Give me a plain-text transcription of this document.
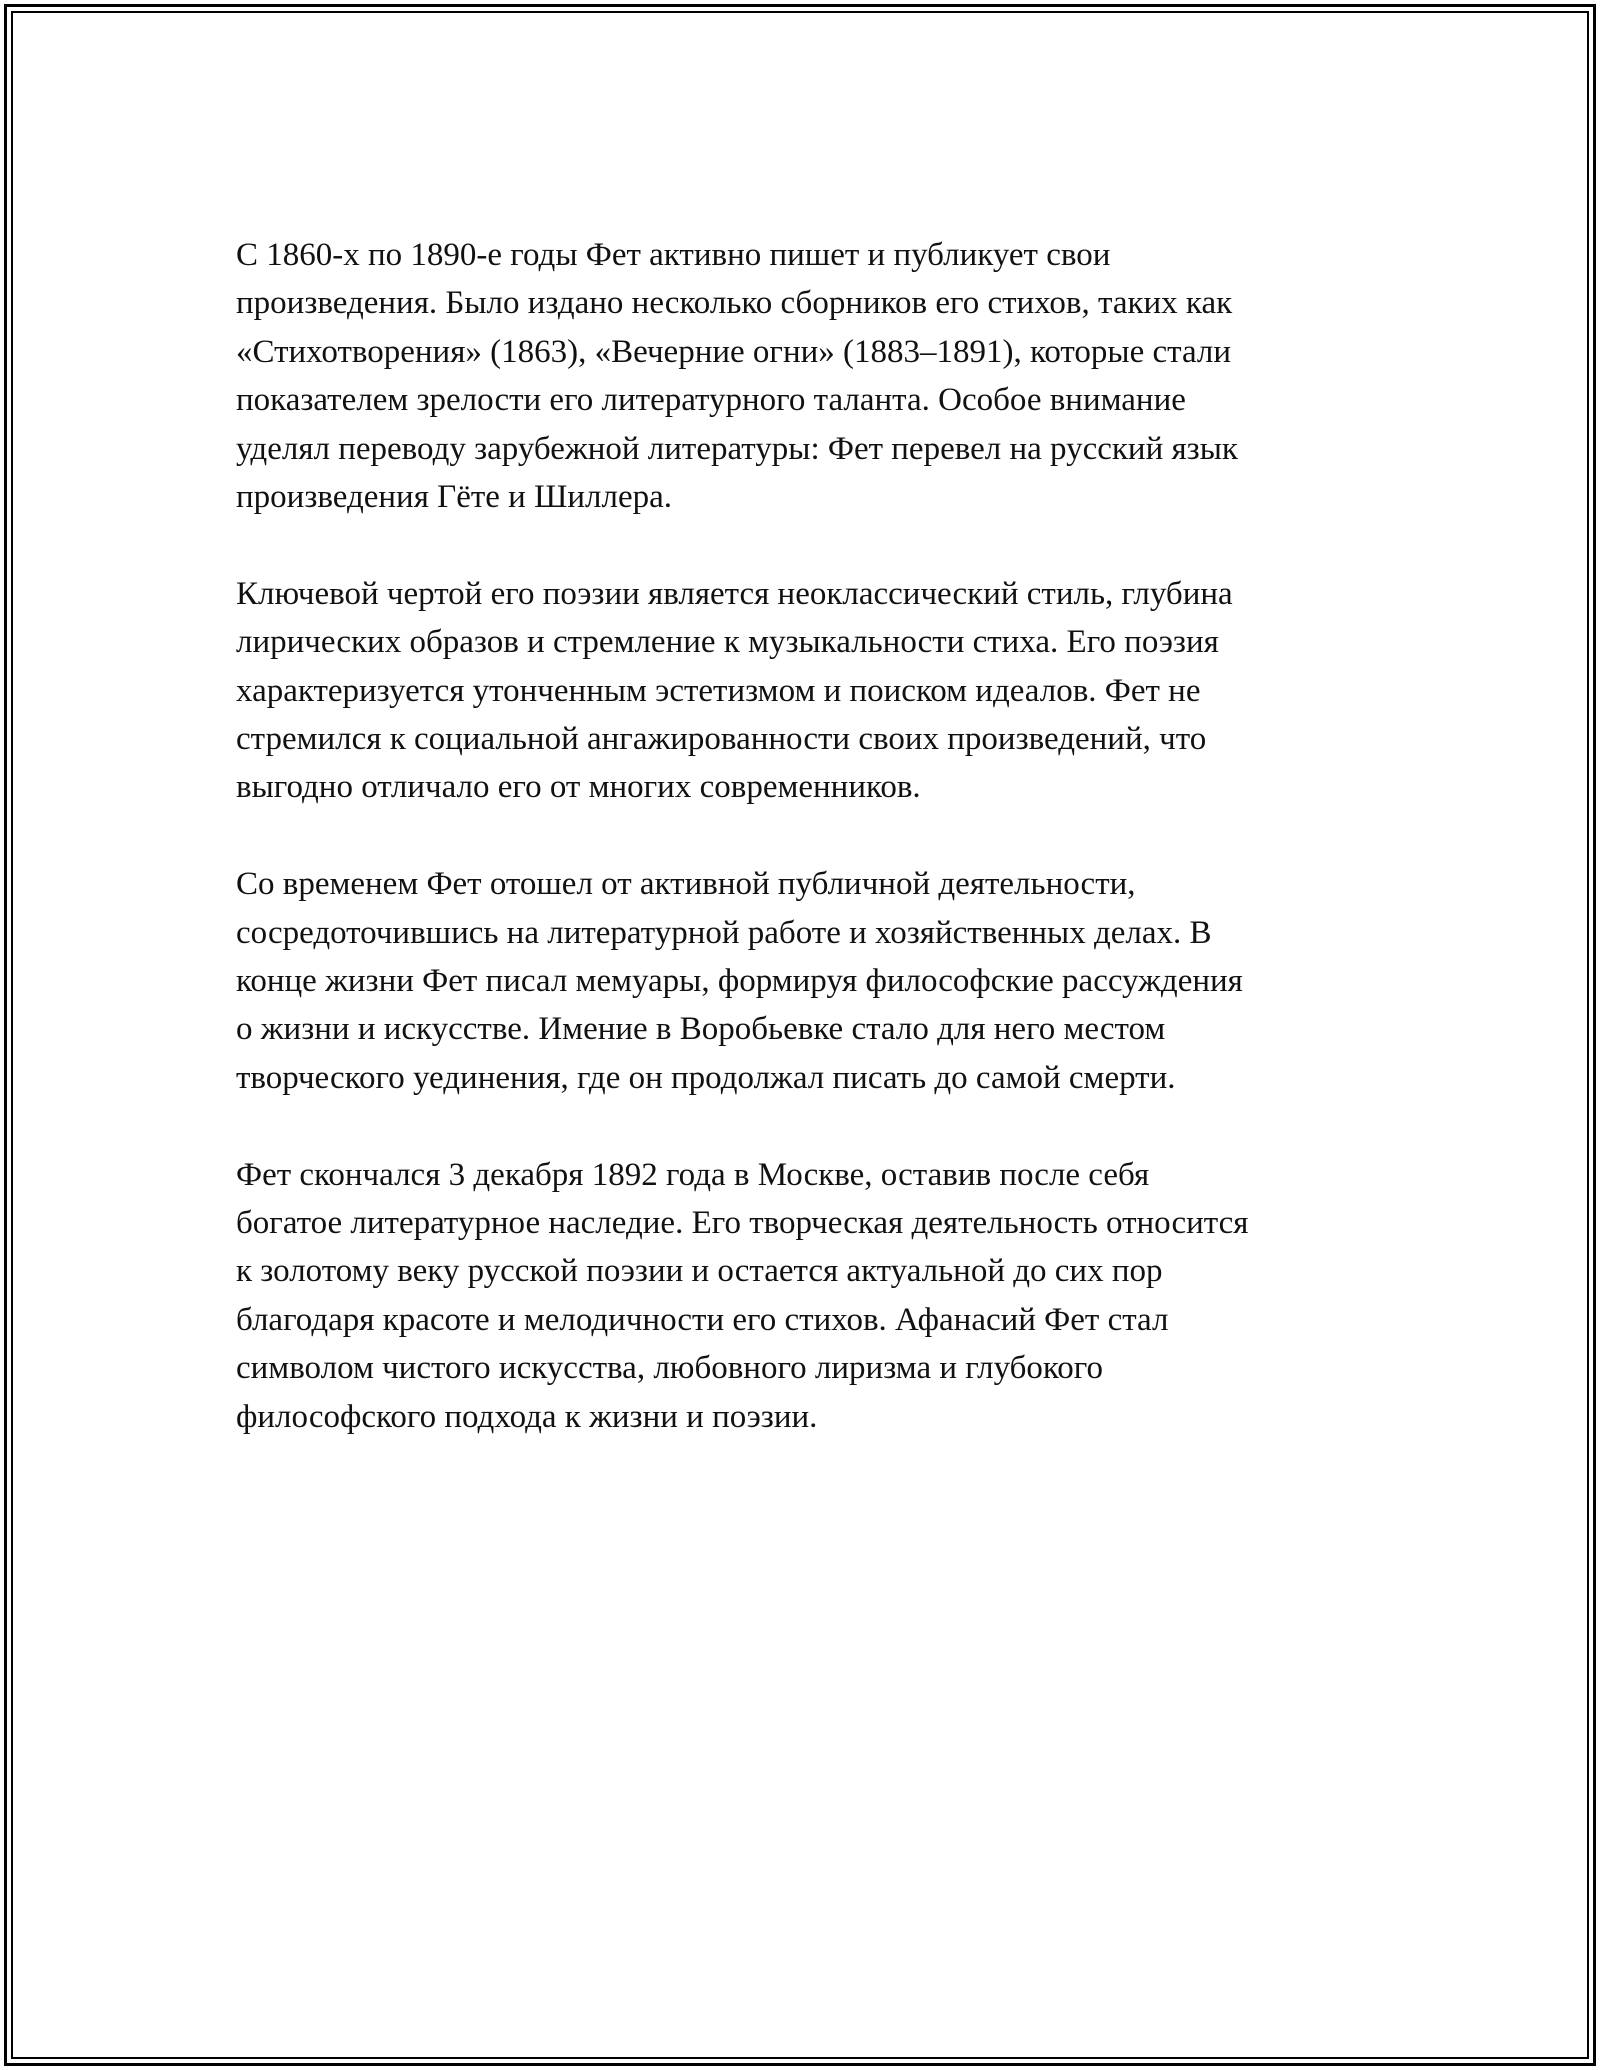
С 1860-х по 1890-е годы Фет активно пишет и публикует свои
произведения. Было издано несколько сборников его стихов, таких как
«Стихотворения» (1863), «Вечерние огни» (1883–1891), которые стали
показателем зрелости его литературного таланта. Особое внимание
уделял переводу зарубежной литературы: Фет перевел на русский язык
произведения Гёте и Шиллера.

Ключевой чертой его поэзии является неоклассический стиль, глубина
лирических образов и стремление к музыкальности стиха. Его поэзия
характеризуется утонченным эстетизмом и поиском идеалов. Фет не
стремился к социальной ангажированности своих произведений, что
выгодно отличало его от многих современников.

Со временем Фет отошел от активной публичной деятельности,
сосредоточившись на литературной работе и хозяйственных делах. В
конце жизни Фет писал мемуары, формируя философские рассуждения
о жизни и искусстве. Имение в Воробьевке стало для него местом
творческого уединения, где он продолжал писать до самой смерти.

Фет скончался 3 декабря 1892 года в Москве, оставив после себя
богатое литературное наследие. Его творческая деятельность относится
к золотому веку русской поэзии и остается актуальной до сих пор
благодаря красоте и мелодичности его стихов. Афанасий Фет стал
символом чистого искусства, любовного лиризма и глубокого
философского подхода к жизни и поэзии.
